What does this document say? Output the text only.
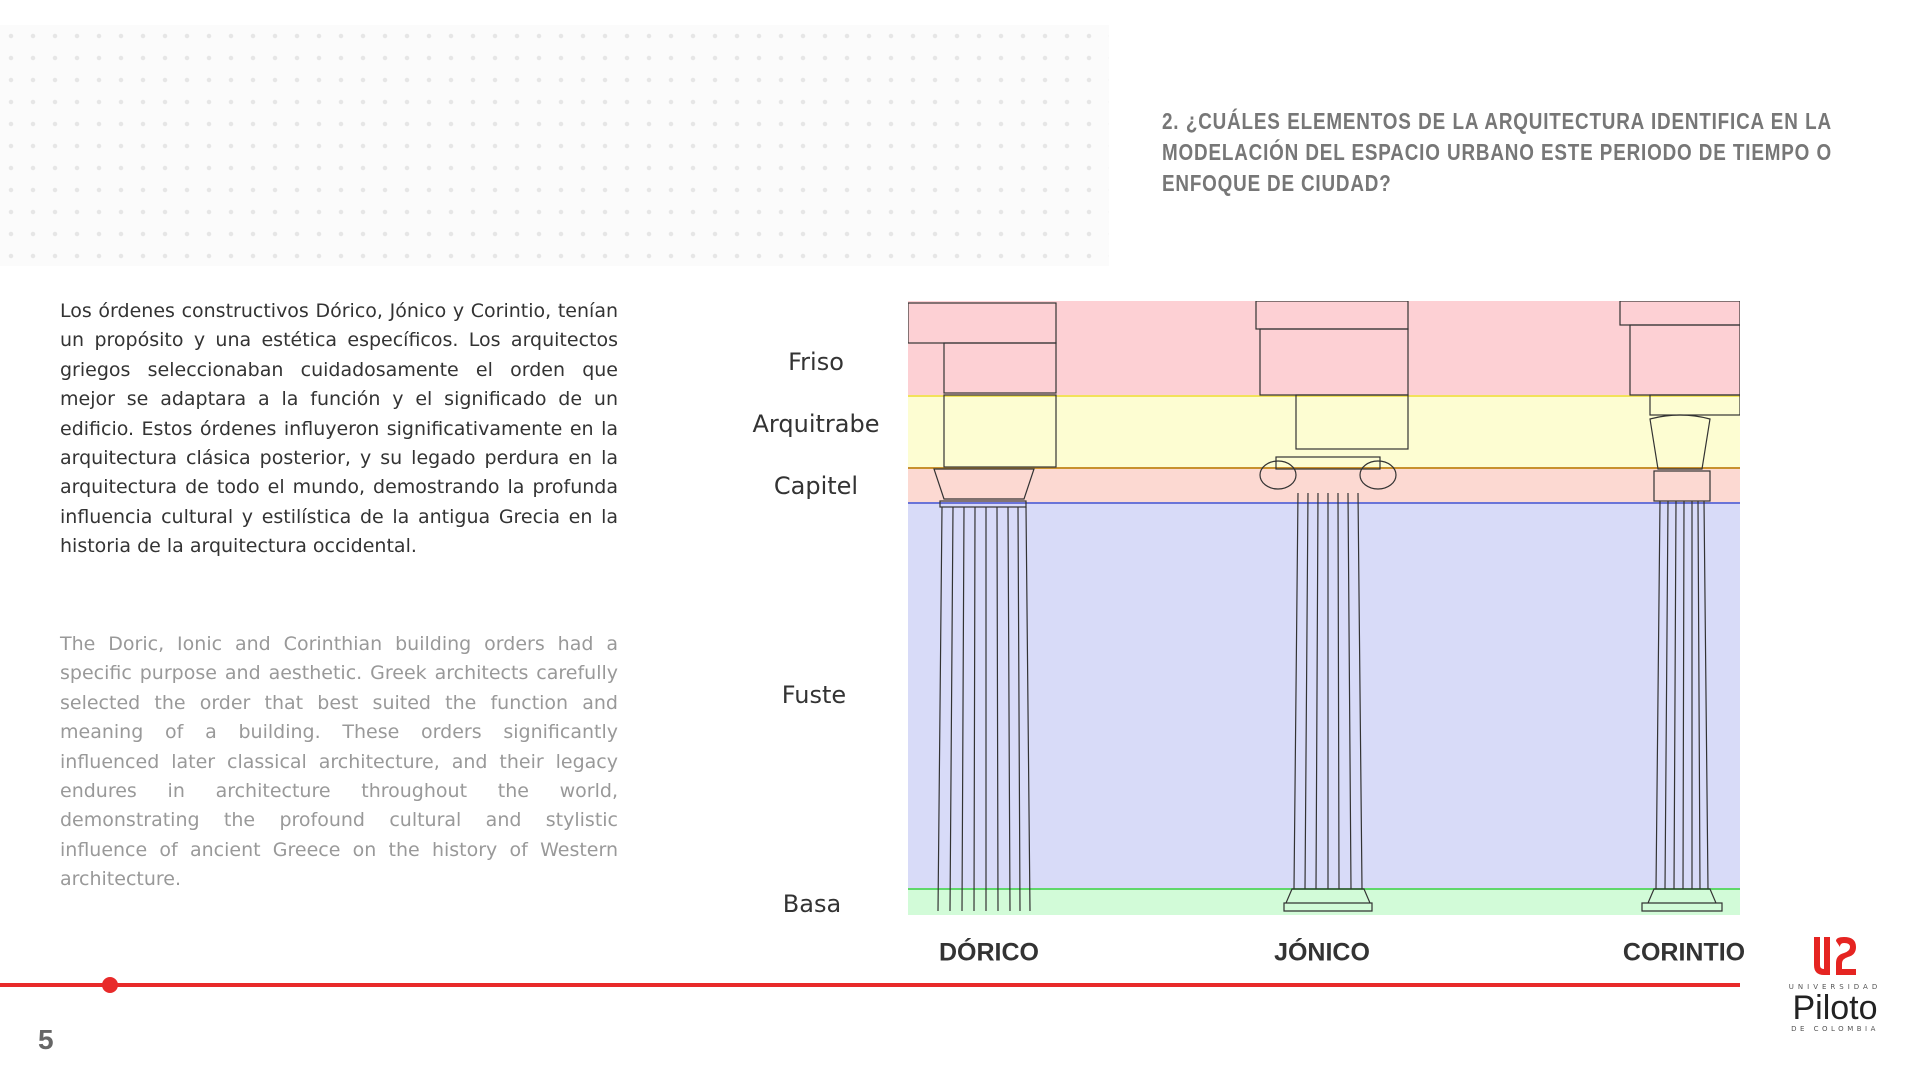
2. ¿CUÁLES ELEMENTOS DE LA ARQUITECTURA IDENTIFICA EN LA MODELACIÓN DEL ESPACIO URBANO ESTE PERIODO DE TIEMPO O ENFOQUE DE CIUDAD?
Los órdenes constructivos Dórico, Jónico y Corintio, tenían un propósito y una estética específicos. Los arquitectos griegos seleccionaban cuidadosamente el orden que mejor se adaptara a la función y el significado de un edificio. Estos órdenes influyeron significativamente en la arquitectura clásica posterior, y su legado perdura en la arquitectura de todo el mundo, demostrando la profunda influencia cultural y estilística de la antigua Grecia en la historia de la arquitectura occidental.
The Doric, Ionic and Corinthian building orders had a specific purpose and aesthetic. Greek architects carefully selected the order that best suited the function and meaning of a building. These orders significantly influenced later classical architecture, and their legacy endures in architecture throughout the world, demonstrating the profound cultural and stylistic influence of ancient Greece on the history of Western architecture.
Friso
Arquitrabe
Capitel
Fuste
Basa
DÓRICO	JÓNICO	CORINTIO
5
UNIVERSIDAD
Piloto
DE COLOMBIA
